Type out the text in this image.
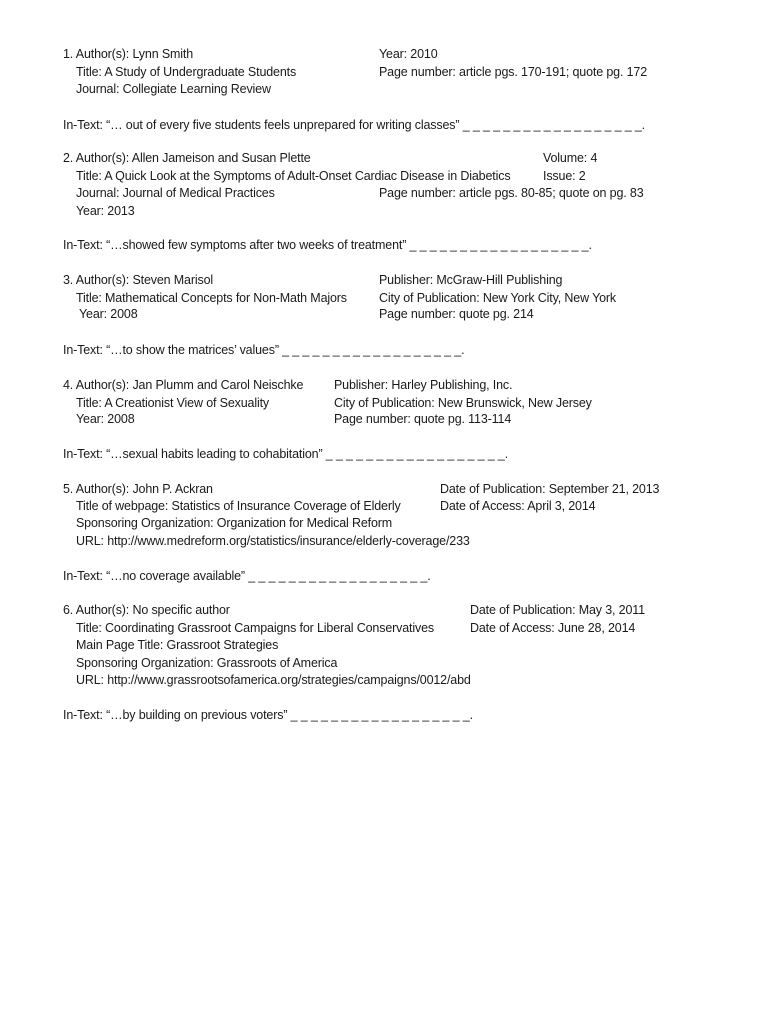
1. Author(s): Lynn Smith	Year: 2010
Title: A Study of Undergraduate Students	Page number: article pgs. 170-191; quote pg. 172
Journal: Collegiate Learning Review
In-Text: “… out of every five students feels unprepared for writing classes” _ _ _ _ _ _ _ _ _ _ _ _ _ _ _ _ _ _.
2. Author(s): Allen Jameison and Susan Plette	Volume: 4
Title: A Quick Look at the Symptoms of Adult-Onset Cardiac Disease in Diabetics	Issue: 2
Journal: Journal of Medical Practices	Page number: article pgs. 80-85; quote on pg. 83
Year: 2013
In-Text: “…showed few symptoms after two weeks of treatment” _ _ _ _ _ _ _ _ _ _ _ _ _ _ _ _ _ _.
3. Author(s): Steven Marisol	Publisher: McGraw-Hill Publishing
Title: Mathematical Concepts for Non-Math Majors	City of Publication: New York City, New York
Year: 2008	Page number: quote pg. 214
In-Text: “…to show the matrices’ values” _ _ _ _ _ _ _ _ _ _ _ _ _ _ _ _ _ _.
4. Author(s): Jan Plumm and Carol Neischke Publisher: Harley Publishing, Inc.
Title: A Creationist View of Sexuality	City of Publication: New Brunswick, New Jersey
Year: 2008	Page number: quote pg. 113-114
In-Text: “…sexual habits leading to cohabitation” _ _ _ _ _ _ _ _ _ _ _ _ _ _ _ _ _ _.
5. Author(s): John P. Ackran	Date of Publication: September 21, 2013
Title of webpage: Statistics of Insurance Coverage of Elderly	Date of Access: April 3, 2014
Sponsoring Organization: Organization for Medical Reform
URL: http://www.medreform.org/statistics/insurance/elderly-coverage/233
In-Text: “…no coverage available” _ _ _ _ _ _ _ _ _ _ _ _ _ _ _ _ _ _.
6. Author(s): No specific author	Date of Publication: May 3, 2011
Title: Coordinating Grassroot Campaigns for Liberal Conservatives	Date of Access: June 28, 2014
Main Page Title: Grassroot Strategies
Sponsoring Organization: Grassroots of America
URL: http://www.grassrootsofamerica.org/strategies/campaigns/0012/abd
In-Text: “…by building on previous voters” _ _ _ _ _ _ _ _ _ _ _ _ _ _ _ _ _ _.
